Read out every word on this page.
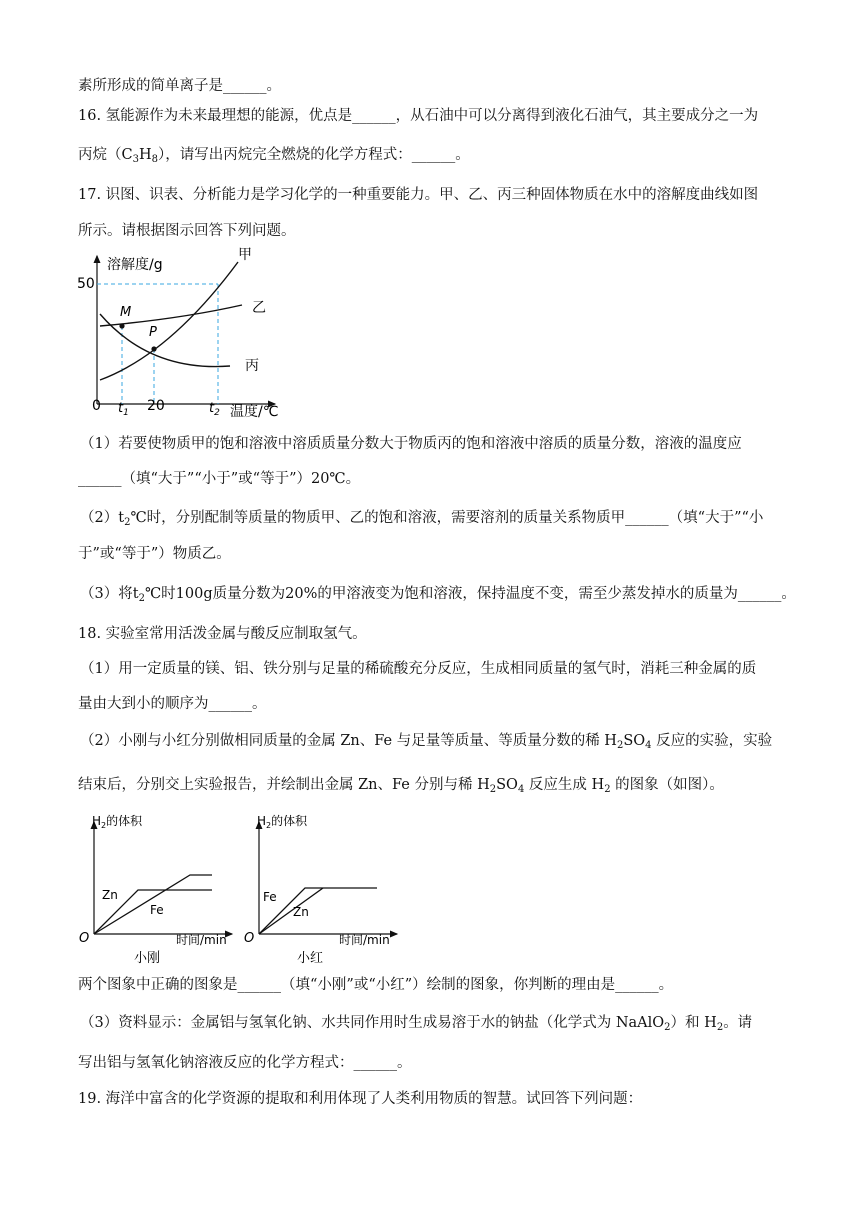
素所形成的简单离子是______。
16. 氢能源作为未来最理想的能源，优点是______，从石油中可以分离得到液化石油气，其主要成分之一为
丙烷$(C_3H_8)$，请写出丙烷完全燃烧的化学方程式：______。
17. 识图、识表、分析能力是学习化学的一种重要能力。甲、乙、丙三种固体物质在水中的溶解度曲线如图
所示。请根据图示回答下列问题。
溶解度/g
50
M
P
甲
乙
丙
0 $t_1$ 20	$t_2$ 温度/℃
（1）若要使物质甲的饱和溶液中溶质质量分数大于物质丙的饱和溶液中溶质的质量分数，溶液的温度应
______（填“大于”“小于”或“等于”）20℃。
$(2)t_2℃$时，分别配制等质量的物质甲、乙的饱和溶液，需要溶剂的质量关系物质甲______（填“大于”“小
于”或“等于”）物质乙。
（3）将$t_2℃$时100g质量分数为20%的甲溶液变为饱和溶液，保持温度不变，需至少蒸发掉水的质量为______。
18. 实验室常用活泼金属与酸反应制取氢气。
（1）用一定质量的镁、铝、铁分别与足量的稀硫酸充分反应，生成相同质量的氢气时，消耗三种金属的质
量由大到小的顺序为______。
（2）小刚与小红分别做相同质量的金属 Zn、Fe 与足量等质量、等质量分数的稀 $H_2SO_4$ 反应的实验，实验
结束后，分别交上实验报告，并绘制出金属 Zn、Fe 分别与稀 $H_2SO_4$ 反应生成 $H_2$ 的图象（如图）。
$H_2$的体积
Zn
Fe
O	时间/min
小刚
$H_2$的体积
Fe
Zn
O	时间/min
小红
两个图象中正确的图象是______（填“小刚”或“小红”）绘制的图象，你判断的理由是______。
（3）资料显示：金属铝与氢氧化钠、水共同作用时生成易溶于水的钠盐（化学式为 NaAlO$_2$）和 $H_2$。请
写出铝与氢氧化钠溶液反应的化学方程式：______。
19. 海洋中富含的化学资源的提取和利用体现了人类利用物质的智慧。试回答下列问题：
